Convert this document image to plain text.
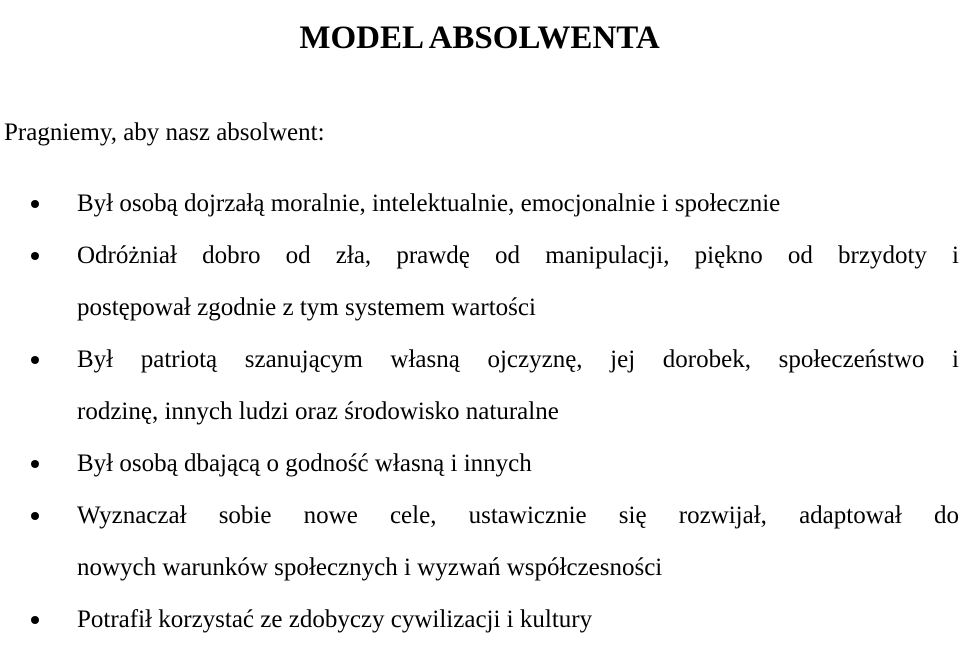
MODEL ABSOLWENTA
Pragniemy, aby nasz absolwent:
Był osobą dojrzałą moralnie, intelektualnie, emocjonalnie i społecznie
Odróżniał dobro od zła, prawdę od manipulacji, piękno od brzydoty i
postępował zgodnie z tym systemem wartości
Był patriotą szanującym własną ojczyznę, jej dorobek, społeczeństwo i
rodzinę, innych ludzi oraz środowisko naturalne
Był osobą dbającą o godność własną i innych
Wyznaczał sobie nowe cele, ustawicznie się rozwijał, adaptował do
nowych warunków społecznych i wyzwań współczesności
Potrafił korzystać ze zdobyczy cywilizacji i kultury
